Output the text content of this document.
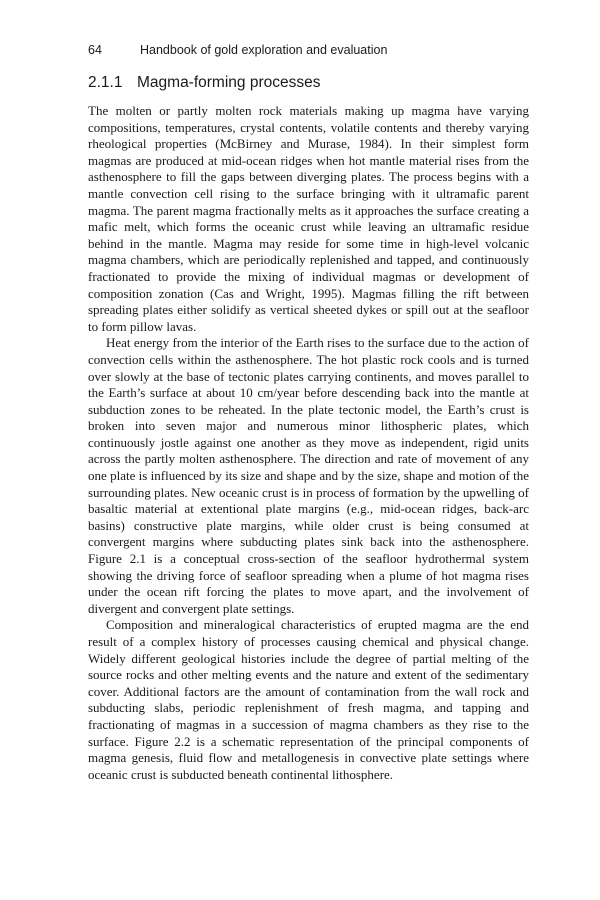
64	Handbook of gold exploration and evaluation
2.1.1 Magma-forming processes

The molten or partly molten rock materials making up magma have varying compositions, temperatures, crystal contents, volatile contents and thereby varying rheological properties (McBirney and Murase, 1984). In their simplest form magmas are produced at mid-ocean ridges when hot mantle material rises from the asthenosphere to fill the gaps between diverging plates. The process begins with a mantle convection cell rising to the surface bringing with it ultramafic parent magma. The parent magma fractionally melts as it approaches the surface creating a mafic melt, which forms the oceanic crust while leaving an ultramafic residue behind in the mantle. Magma may reside for some time in high-level volcanic magma chambers, which are periodically replenished and tapped, and continuously fractionated to provide the mixing of individual magmas or development of composition zonation (Cas and Wright, 1995). Magmas filling the rift between spreading plates either solidify as vertical sheeted dykes or spill out at the seafloor to form pillow lavas.

Heat energy from the interior of the Earth rises to the surface due to the action of convection cells within the asthenosphere. The hot plastic rock cools and is turned over slowly at the base of tectonic plates carrying continents, and moves parallel to the Earth’s surface at about 10 cm/year before descending back into the mantle at subduction zones to be reheated. In the plate tectonic model, the Earth’s crust is broken into seven major and numerous minor lithospheric plates, which continuously jostle against one another as they move as independent, rigid units across the partly molten asthenosphere. The direction and rate of movement of any one plate is influenced by its size and shape and by the size, shape and motion of the surrounding plates. New oceanic crust is in process of formation by the upwelling of basaltic material at extentional plate margins (e.g., mid-ocean ridges, back-arc basins) constructive plate margins, while older crust is being consumed at convergent margins where subducting plates sink back into the asthenosphere. Figure 2.1 is a conceptual cross-section of the seafloor hydrothermal system showing the driving force of seafloor spreading when a plume of hot magma rises under the ocean rift forcing the plates to move apart, and the involvement of divergent and convergent plate settings.

Composition and mineralogical characteristics of erupted magma are the end result of a complex history of processes causing chemical and physical change. Widely different geological histories include the degree of partial melting of the source rocks and other melting events and the nature and extent of the sedimentary cover. Additional factors are the amount of contamination from the wall rock and subducting slabs, periodic replenishment of fresh magma, and tapping and fractionating of magmas in a succession of magma chambers as they rise to the surface. Figure 2.2 is a schematic representation of the principal components of magma genesis, fluid flow and metallogenesis in convective plate settings where oceanic crust is subducted beneath continental lithosphere.
